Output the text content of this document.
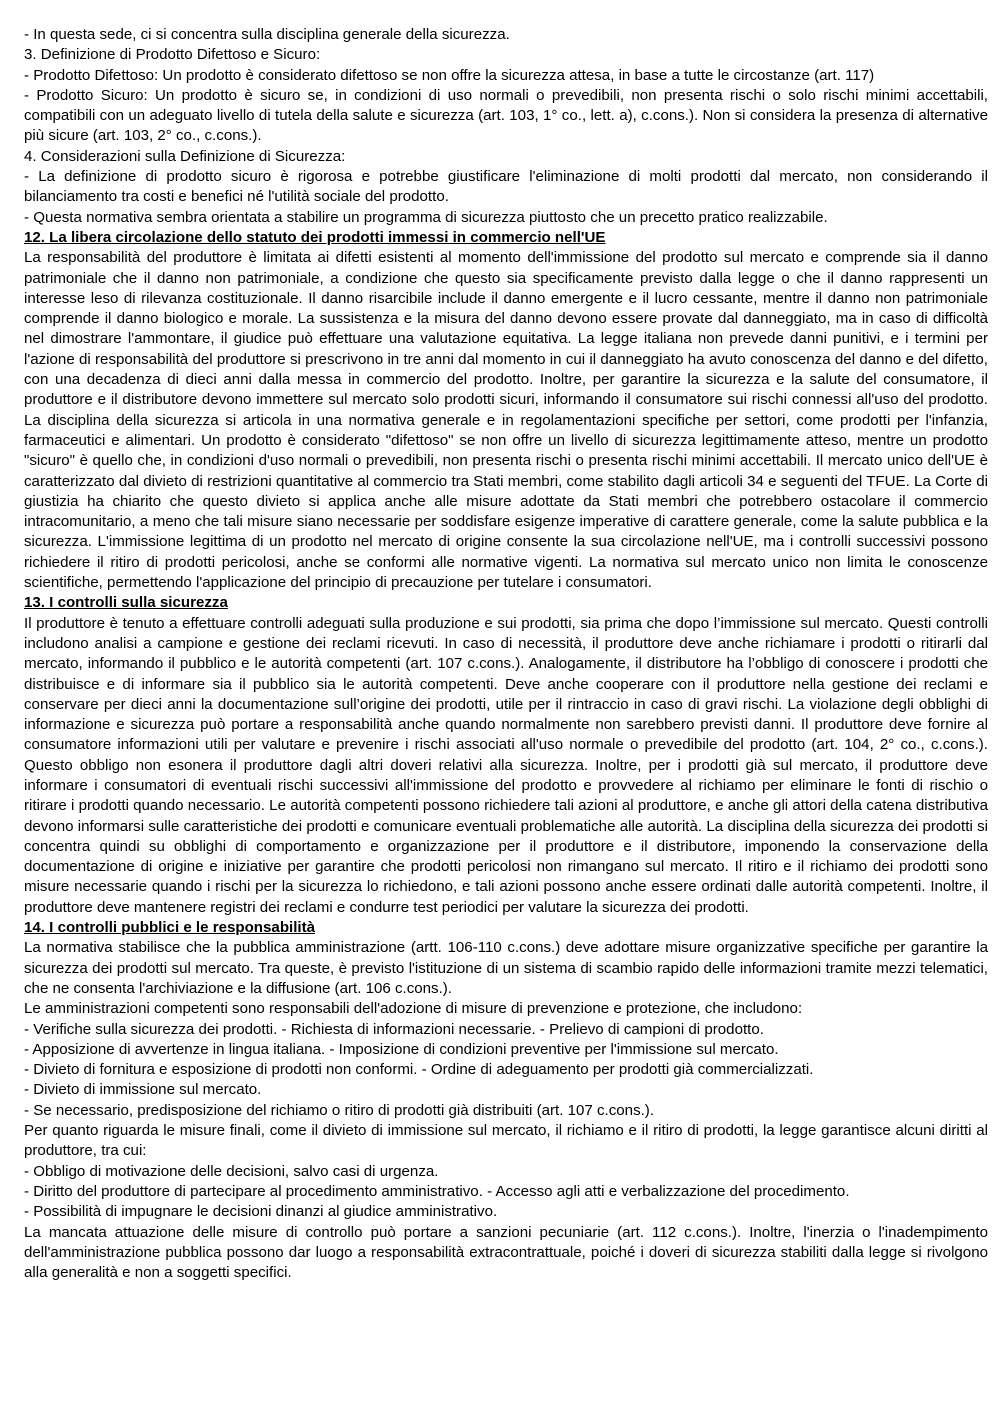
- In questa sede, ci si concentra sulla disciplina generale della sicurezza.

3. Definizione di Prodotto Difettoso e Sicuro:

- Prodotto Difettoso: Un prodotto è considerato difettoso se non offre la sicurezza attesa, in base a tutte le circostanze (art. 117)

- Prodotto Sicuro: Un prodotto è sicuro se, in condizioni di uso normali o prevedibili, non presenta rischi o solo rischi minimi accettabili, compatibili con un adeguato livello di tutela della salute e sicurezza (art. 103, 1° co., lett. a), c.cons.). Non si considera la presenza di alternative più sicure (art. 103, 2° co., c.cons.).

4. Considerazioni sulla Definizione di Sicurezza:

- La definizione di prodotto sicuro è rigorosa e potrebbe giustificare l'eliminazione di molti prodotti dal mercato, non considerando il bilanciamento tra costi e benefici né l'utilità sociale del prodotto.

- Questa normativa sembra orientata a stabilire un programma di sicurezza piuttosto che un precetto pratico realizzabile.

12. La libera circolazione dello statuto dei prodotti immessi in commercio nell'UE

La responsabilità del produttore è limitata ai difetti esistenti al momento dell'immissione del prodotto sul mercato e comprende sia il danno patrimoniale che il danno non patrimoniale, a condizione che questo sia specificamente previsto dalla legge o che il danno rappresenti un interesse leso di rilevanza costituzionale. Il danno risarcibile include il danno emergente e il lucro cessante, mentre il danno non patrimoniale comprende il danno biologico e morale. La sussistenza e la misura del danno devono essere provate dal danneggiato, ma in caso di difficoltà nel dimostrare l'ammontare, il giudice può effettuare una valutazione equitativa. La legge italiana non prevede danni punitivi, e i termini per l'azione di responsabilità del produttore si prescrivono in tre anni dal momento in cui il danneggiato ha avuto conoscenza del danno e del difetto, con una decadenza di dieci anni dalla messa in commercio del prodotto. Inoltre, per garantire la sicurezza e la salute del consumatore, il produttore e il distributore devono immettere sul mercato solo prodotti sicuri, informando il consumatore sui rischi connessi all'uso del prodotto. La disciplina della sicurezza si articola in una normativa generale e in regolamentazioni specifiche per settori, come prodotti per l'infanzia, farmaceutici e alimentari. Un prodotto è considerato "difettoso" se non offre un livello di sicurezza legittimamente atteso, mentre un prodotto "sicuro" è quello che, in condizioni d'uso normali o prevedibili, non presenta rischi o presenta rischi minimi accettabili. Il mercato unico dell'UE è caratterizzato dal divieto di restrizioni quantitative al commercio tra Stati membri, come stabilito dagli articoli 34 e seguenti del TFUE. La Corte di giustizia ha chiarito che questo divieto si applica anche alle misure adottate da Stati membri che potrebbero ostacolare il commercio intracomunitario, a meno che tali misure siano necessarie per soddisfare esigenze imperative di carattere generale, come la salute pubblica e la sicurezza. L'immissione legittima di un prodotto nel mercato di origine consente la sua circolazione nell'UE, ma i controlli successivi possono richiedere il ritiro di prodotti pericolosi, anche se conformi alle normative vigenti. La normativa sul mercato unico non limita le conoscenze scientifiche, permettendo l'applicazione del principio di precauzione per tutelare i consumatori.

13. I controlli sulla sicurezza

Il produttore è tenuto a effettuare controlli adeguati sulla produzione e sui prodotti, sia prima che dopo l’immissione sul mercato. Questi controlli includono analisi a campione e gestione dei reclami ricevuti. In caso di necessità, il produttore deve anche richiamare i prodotti o ritirarli dal mercato, informando il pubblico e le autorità competenti (art. 107 c.cons.). Analogamente, il distributore ha l’obbligo di conoscere i prodotti che distribuisce e di informare sia il pubblico sia le autorità competenti. Deve anche cooperare con il produttore nella gestione dei reclami e conservare per dieci anni la documentazione sull’origine dei prodotti, utile per il rintraccio in caso di gravi rischi. La violazione degli obblighi di informazione e sicurezza può portare a responsabilità anche quando normalmente non sarebbero previsti danni. Il produttore deve fornire al consumatore informazioni utili per valutare e prevenire i rischi associati all'uso normale o prevedibile del prodotto (art. 104, 2° co., c.cons.). Questo obbligo non esonera il produttore dagli altri doveri relativi alla sicurezza. Inoltre, per i prodotti già sul mercato, il produttore deve informare i consumatori di eventuali rischi successivi all'immissione del prodotto e provvedere al richiamo per eliminare le fonti di rischio o ritirare i prodotti quando necessario. Le autorità competenti possono richiedere tali azioni al produttore, e anche gli attori della catena distributiva devono informarsi sulle caratteristiche dei prodotti e comunicare eventuali problematiche alle autorità. La disciplina della sicurezza dei prodotti si concentra quindi su obblighi di comportamento e organizzazione per il produttore e il distributore, imponendo la conservazione della documentazione di origine e iniziative per garantire che prodotti pericolosi non rimangano sul mercato. Il ritiro e il richiamo dei prodotti sono misure necessarie quando i rischi per la sicurezza lo richiedono, e tali azioni possono anche essere ordinati dalle autorità competenti. Inoltre, il produttore deve mantenere registri dei reclami e condurre test periodici per valutare la sicurezza dei prodotti.

14. I controlli pubblici e le responsabilità

La normativa stabilisce che la pubblica amministrazione (artt. 106-110 c.cons.) deve adottare misure organizzative specifiche per garantire la sicurezza dei prodotti sul mercato. Tra queste, è previsto l'istituzione di un sistema di scambio rapido delle informazioni tramite mezzi telematici, che ne consenta l'archiviazione e la diffusione (art. 106 c.cons.).

Le amministrazioni competenti sono responsabili dell'adozione di misure di prevenzione e protezione, che includono:

- Verifiche sulla sicurezza dei prodotti. - Richiesta di informazioni necessarie. - Prelievo di campioni di prodotto.

- Apposizione di avvertenze in lingua italiana. - Imposizione di condizioni preventive per l'immissione sul mercato.

- Divieto di fornitura e esposizione di prodotti non conformi. - Ordine di adeguamento per prodotti già commercializzati.

- Divieto di immissione sul mercato.

- Se necessario, predisposizione del richiamo o ritiro di prodotti già distribuiti (art. 107 c.cons.).

Per quanto riguarda le misure finali, come il divieto di immissione sul mercato, il richiamo e il ritiro di prodotti, la legge garantisce alcuni diritti al produttore, tra cui:

- Obbligo di motivazione delle decisioni, salvo casi di urgenza.

- Diritto del produttore di partecipare al procedimento amministrativo. - Accesso agli atti e verbalizzazione del procedimento.

- Possibilità di impugnare le decisioni dinanzi al giudice amministrativo.

La mancata attuazione delle misure di controllo può portare a sanzioni pecuniarie (art. 112 c.cons.). Inoltre, l'inerzia o l'inadempimento dell'amministrazione pubblica possono dar luogo a responsabilità extracontrattuale, poiché i doveri di sicurezza stabiliti dalla legge si rivolgono alla generalità e non a soggetti specifici.
